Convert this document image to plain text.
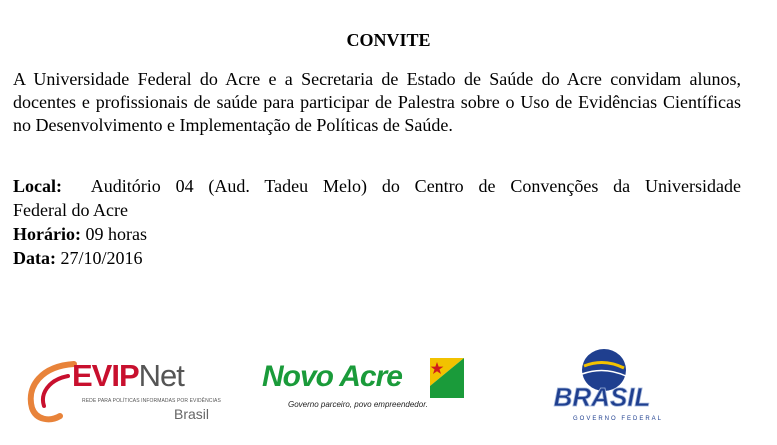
CONVITE
A Universidade Federal do Acre e a Secretaria de Estado de Saúde do Acre convidam alunos, docentes e profissionais de saúde para participar de Palestra sobre o Uso de Evidências Científicas no Desenvolvimento e Implementação de Políticas de Saúde.
Local: Auditório 04 (Aud. Tadeu Melo) do Centro de Convenções da Universidade
Federal do Acre
Horário: 09 horas
Data: 27/10/2016
EVIPNet
REDE PARA POLÍTICAS INFORMADAS POR EVIDÊNCIAS
Brasil
Novo Acre
Governo parceiro, povo empreendedor.	BRASIL
GOVERNO FEDERAL
